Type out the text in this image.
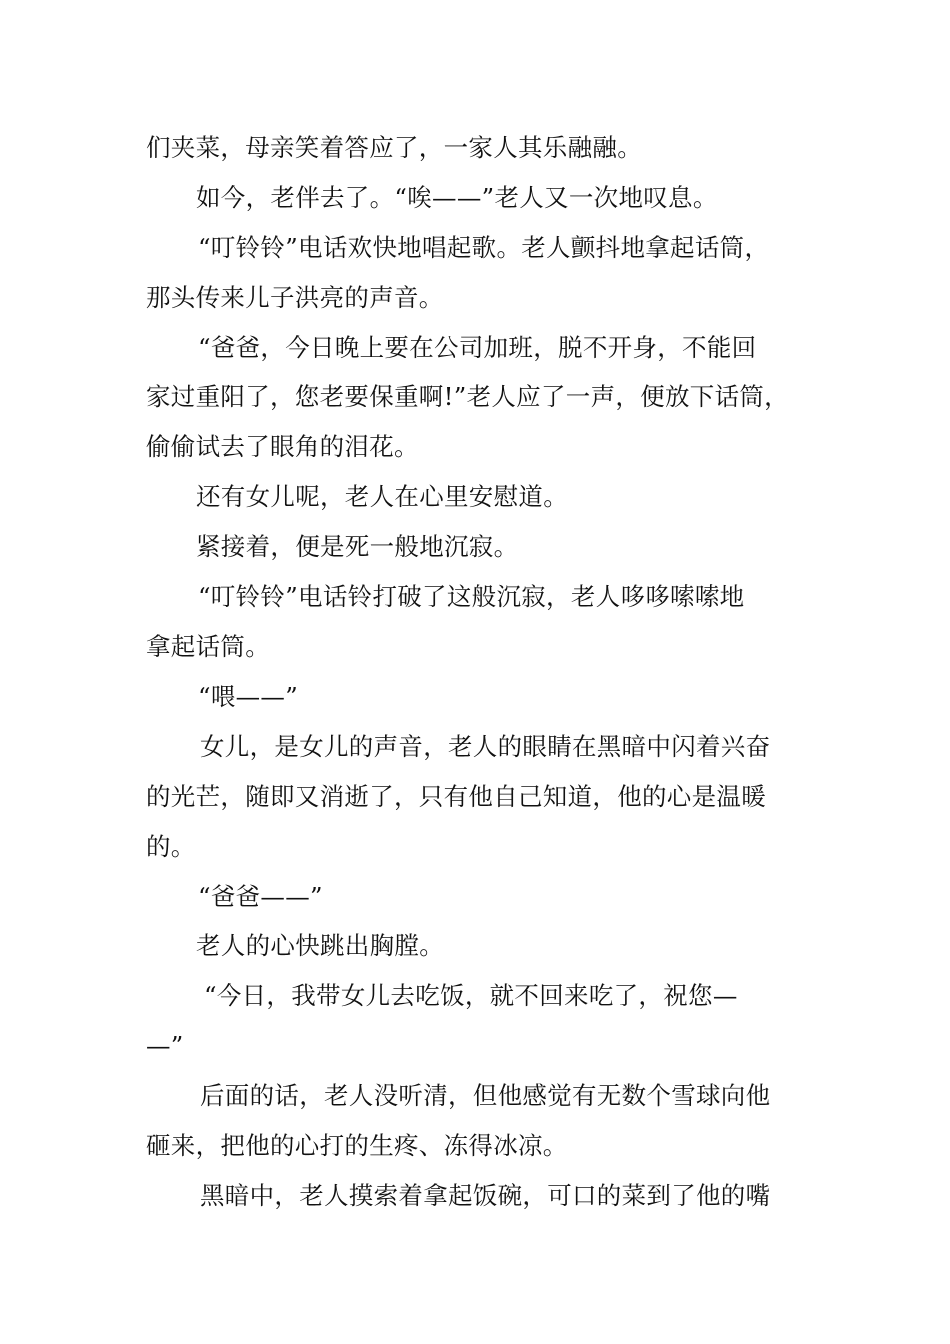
们夹菜，母亲笑着答应了，一家人其乐融融。
如今，老伴去了。“唉——”老人又一次地叹息。
“叮铃铃”电话欢快地唱起歌。老人颤抖地拿起话筒，
那头传来儿子洪亮的声音。
“爸爸，今日晚上要在公司加班，脱不开身，不能回
家过重阳了，您老要保重啊!”老人应了一声，便放下话筒，
偷偷试去了眼角的泪花。
还有女儿呢，老人在心里安慰道。
紧接着，便是死一般地沉寂。
“叮铃铃”电话铃打破了这般沉寂，老人哆哆嗦嗦地
拿起话筒。
“喂——”
女儿，是女儿的声音，老人的眼睛在黑暗中闪着兴奋
的光芒，随即又消逝了，只有他自己知道，他的心是温暖
的。
“爸爸——”
老人的心快跳出胸膛。
“今日，我带女儿去吃饭，就不回来吃了，祝您—
—”
后面的话，老人没听清，但他感觉有无数个雪球向他
砸来，把他的心打的生疼、冻得冰凉。
黑暗中，老人摸索着拿起饭碗，可口的菜到了他的嘴
